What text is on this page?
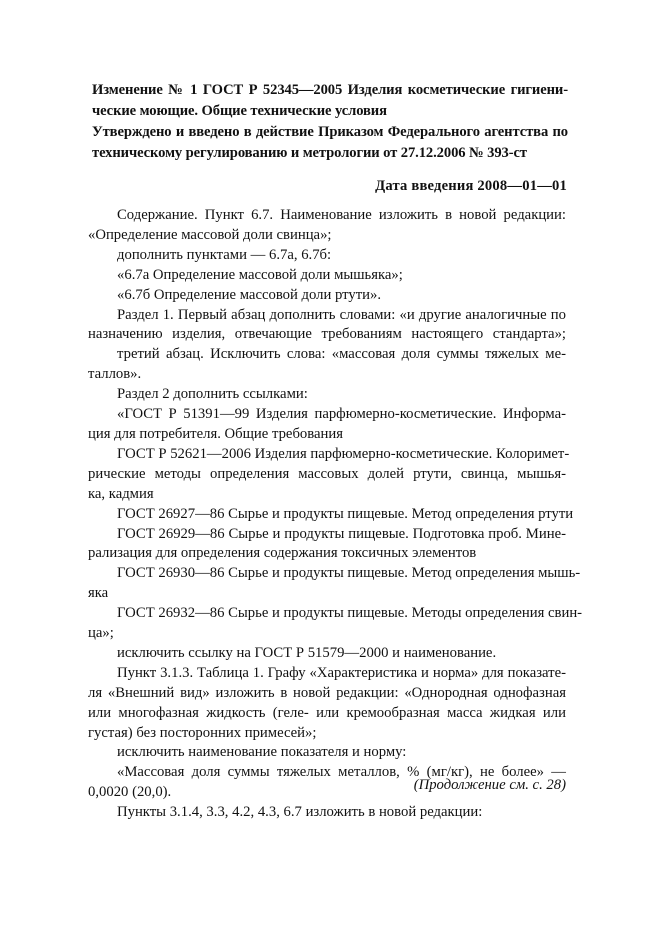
Изменение № 1 ГОСТ Р 52345—2005 Изделия косметические гигиени-
ческие моющие. Общие технические условия
Утверждено и введено в действие Приказом Федерального агентства по
техническому регулированию и метрологии от 27.12.2006 № 393-ст
Дата введения 2008—01—01
Содержание. Пункт 6.7. Наименование изложить в новой редакции:
«Определение массовой доли свинца»;
дополнить пунктами — 6.7а, 6.7б:
«6.7а Определение массовой доли мышьяка»;
«6.7б Определение массовой доли ртути».
Раздел 1. Первый абзац дополнить словами: «и другие аналогичные по
назначению изделия, отвечающие требованиям настоящего стандарта»;
третий абзац. Исключить слова: «массовая доля суммы тяжелых ме-
таллов».
Раздел 2 дополнить ссылками:
«ГОСТ Р 51391—99 Изделия парфюмерно-косметические. Информа-
ция для потребителя. Общие требования
ГОСТ Р 52621—2006 Изделия парфюмерно-косметические. Колоримет-
рические методы определения массовых долей ртути, свинца, мышья-
ка, кадмия
ГОСТ 26927—86 Сырье и продукты пищевые. Метод определения ртути
ГОСТ 26929—86 Сырье и продукты пищевые. Подготовка проб. Мине-
рализация для определения содержания токсичных элементов
ГОСТ 26930—86 Сырье и продукты пищевые. Метод определения мышь-
яка
ГОСТ 26932—86 Сырье и продукты пищевые. Методы определения свин-
ца»;
исключить ссылку на ГОСТ Р 51579—2000 и наименование.
Пункт 3.1.3. Таблица 1. Графу «Характеристика и норма» для показате-
ля «Внешний вид» изложить в новой редакции: «Однородная однофазная
или многофазная жидкость (геле- или кремообразная масса жидкая или
густая) без посторонних примесей»;
исключить наименование показателя и норму:
«Массовая доля суммы тяжелых металлов, % (мг/кг), не более» —
0,0020 (20,0).
Пункты 3.1.4, 3.3, 4.2, 4.3, 6.7 изложить в новой редакции:
(Продолжение см. с. 28)
